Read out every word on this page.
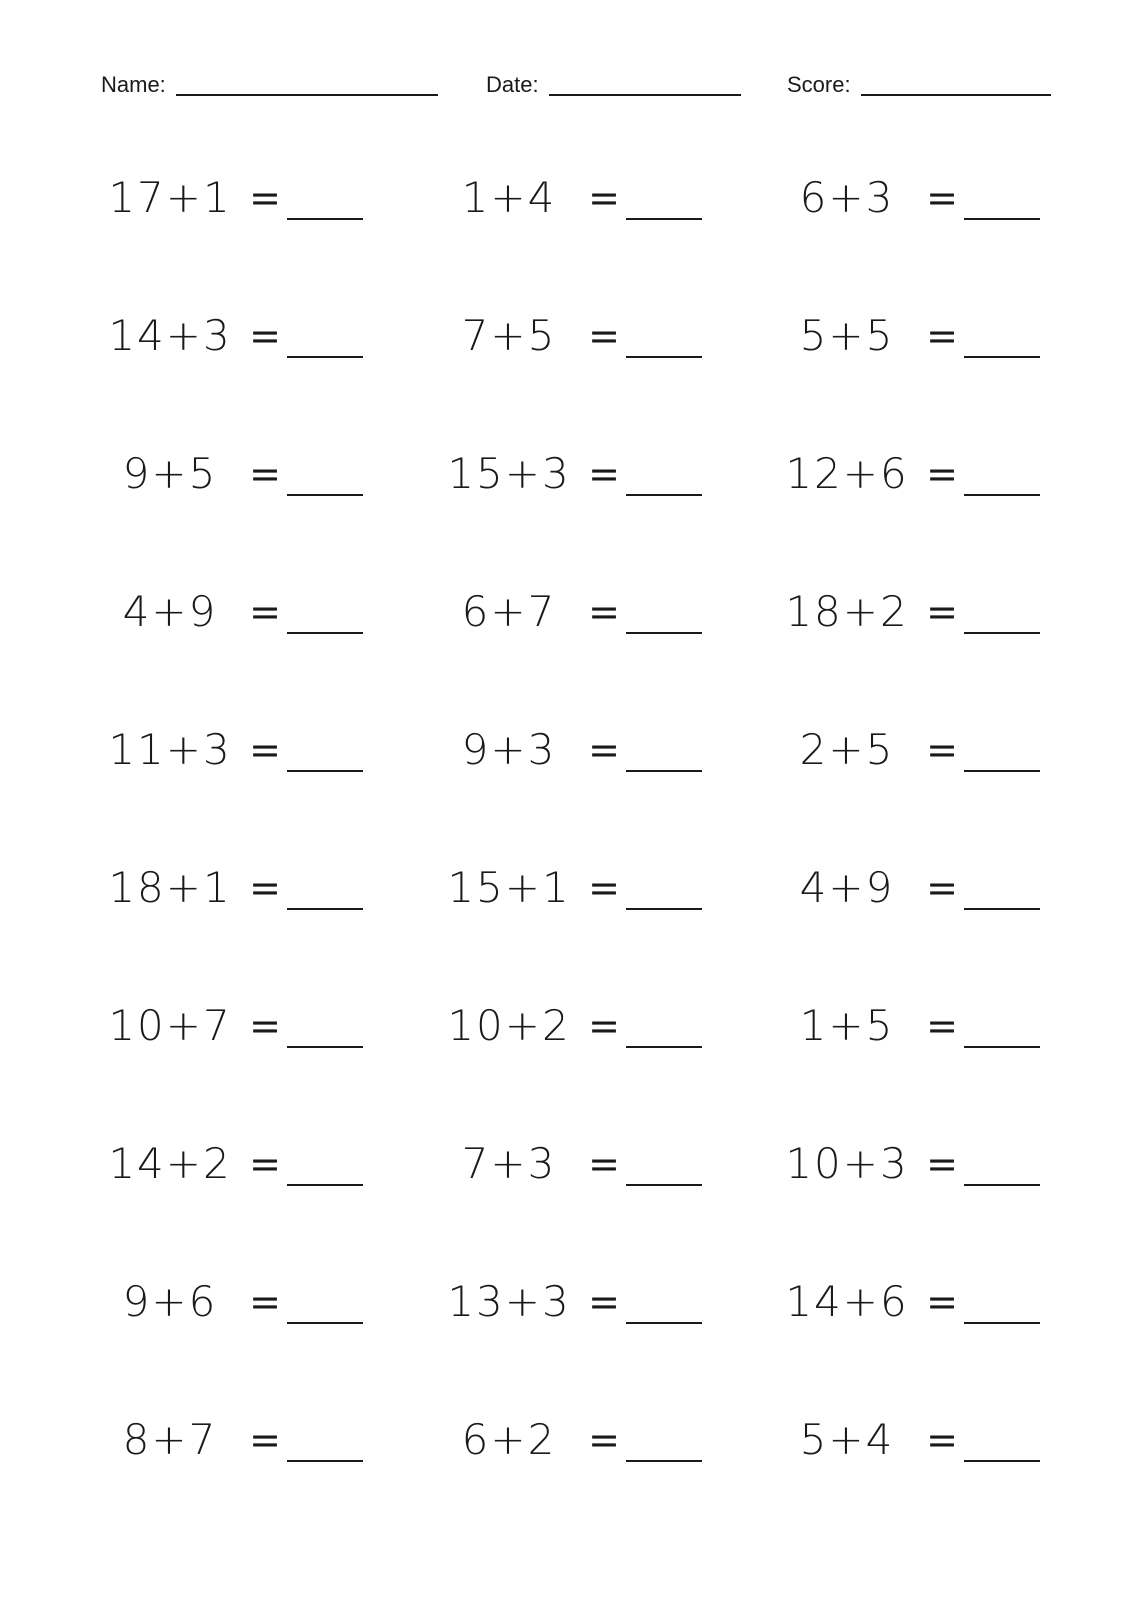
Name:	Date:	Score:
17+1 =
14+3 =
9+5 =
4+9 =
11+3 =
18+1 =
10+7 =
14+2 =
9+6 =
8+7 =
1+4 =
7+5 =
15+3 =
6+7 =
9+3 =
15+1 =
10+2 =
7+3 =
13+3 =
6+2 =
6+3 =
5+5 =
12+6 =
18+2 =
2+5 =
4+9 =
1+5 =
10+3 =
14+6 =
5+4 =
